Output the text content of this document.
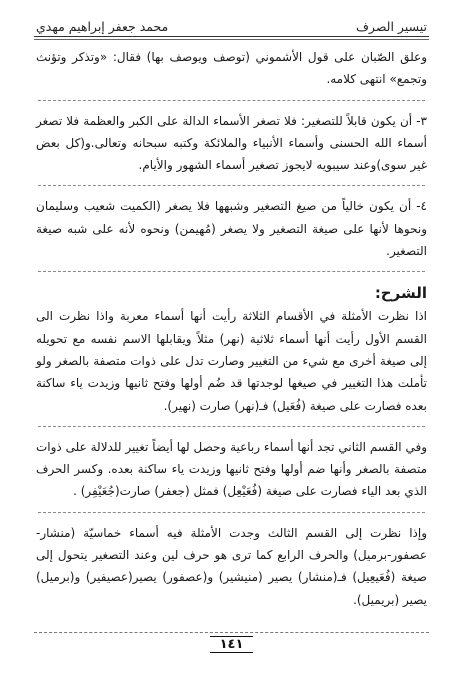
تيسير الصرف
محمد جعفر إبراهيم مهدي

وعلق الصّبان على قول الأشموني (توصف ويوصف بها) فقال: «وتذكر وتؤنث وتجمع» انتهى كلامه.

٣- أن يكون قابلاً للتصغير: فلا تصغر الأسماء الدالة على الكبر والعظمة فلا تصغر أسماء الله الحسنى وأسماء الأنبياء والملائكة وكتبه سبحانه وتعالى.و(كل بعض غير سوى)وعند سيبويه لايجوز تصغير أسماء الشهور والأيام.

٤- أن يكون خالياً من صيغ التصغير وشبهها فلا يصغر (الكميت شعيب وسليمان ونحوها لأنها على صيغة التصغير ولا يصغر (مُهيمن) ونحوه لأنه على شبه صيغة التصغير.

الشرح:

اذا نظرت الأمثلة في الأقسام الثلاثة رأيت أنها أسماء معربة واذا نظرت الى القسم الأول رأيت أنها أسماء ثلاثية (نهر) مثلاً ويقابلها الاسم نفسه مع تحويله إلى صيغة أخرى مع شيء من التغيير وصارت تدل على ذوات متصفة بالصغر ولو تأملت هذا التغيير في صيغها لوجدتها قد ضُم أولها وفتح ثانيها وزيدت ياء ساكنة بعده فصارت على صيغة (فُعَيل) فـ(نهر) صارت (نهير).

وفي القسم الثاني تجد أنها أسماء رباعية وحصل لها أيضاً تغيير للدلالة على ذوات متصفة بالصغر وأنها ضم أولها وفتح ثانيها وزيدت ياء ساكنة بعده. وكسر الحرف الذي بعد الياء فصارت على صيغة (فُعَيْعِل) فمثل (جعفر) صارت(جُعَيْفِر) .

وإذا نظرت إلى القسم الثالث وجدت الأمثلة فيه أسماء خماسيّة (منشار- عصفور-برميل) والحرف الرابع كما ترى هو حرف لين وعند التصغير يتحول إلى صيغة (فُعَيعِيل) فـ(منشار) يصير (منيشير) و(عصفور) يصير(عصيفير) و(برميل) يصير (بريميل).

١٤١
